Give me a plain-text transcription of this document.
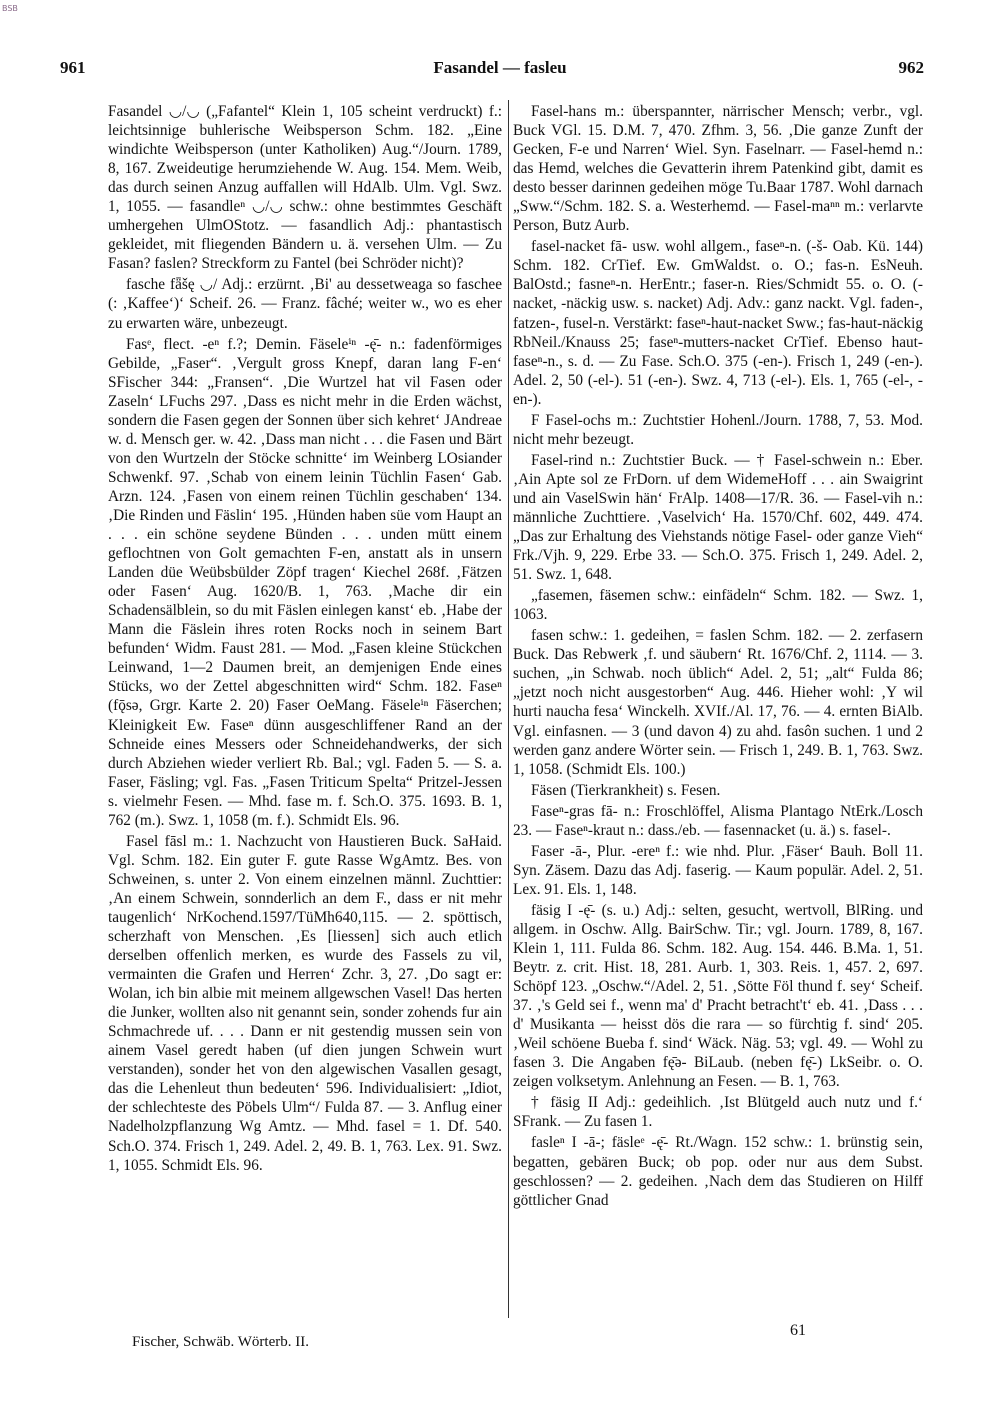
BSB
961	Fasandel — fasleu	962

Fasandel ◡/◡ („Fafantel“ Klein 1, 105 scheint verdruckt) f.: leichtsinnige buhlerische Weibsperson Schm. 182. „Eine windichte Weibsperson (unter Katholiken) Aug.“/Journ. 1789, 8, 167. Zweideutige herumziehende W. Aug. 154. Mem. Weib, das durch seinen Anzug auffallen will HdAlb. Ulm. Vgl. Swz. 1, 1055. — fasandleⁿ ◡/◡ schw.: ohne bestimmtes Geschäft umhergehen UlmOStotz. — fasandlich Adj.: phantastisch gekleidet, mit fliegenden Bändern u. ä. versehen Ulm. — Zu Fasan? faslen? Streckform zu Fantel (bei Schröder nicht)?

fasche fǟšę ◡/ Adj.: erzürnt. ‚Bi' au dessetweaga so faschee (: ‚Kaffee‘)‘ Scheif. 26. — Franz. fâché; weiter w., wo es eher zu erwarten wäre, unbezeugt.

Fasᵉ, flect. -eⁿ f.?; Demin. Fäseleⁱⁿ -ę̄- n.: fadenförmiges Gebilde, „Faser“. ‚Vergult gross Knepf, daran lang F-en‘ SFischer 344: „Fransen“. ‚Die Wurtzel hat vil Fasen oder Zaseln‘ LFuchs 297. ‚Dass es nicht mehr in die Erden wächst, sondern die Fasen gegen der Sonnen über sich kehret‘ JAndreae w. d. Mensch ger. w. 42. ‚Dass man nicht . . . die Fasen und Bärt von den Wurtzeln der Stöcke schnitte‘ im Weinberg LOsiander Schwenkf. 97. ‚Schab von einem leinin Tüchlin Fasen‘ Gab. Arzn. 124. ‚Fasen von einem reinen Tüchlin geschaben‘ 134. ‚Die Rinden und Fäslin‘ 195. ‚Hünden haben süe vom Haupt an . . . ein schöne seydene Bünden . . . unden mütt einem geflochtnen von Golt gemachten F-en, anstatt als in unsern Landen düe Weübsbülder Zöpf tragen‘ Kiechel 268f. ‚Fätzen oder Fasen‘ Aug. 1620/B. 1, 763. ‚Mache dir ein Schadensälblein, so du mit Fäslen einlegen kanst‘ eb. ‚Habe der Mann die Fäslein ihres roten Rocks noch in seinem Bart befunden‘ Widm. Faust 281. — Mod. „Fasen kleine Stückchen Leinwand, 1—2 Daumen breit, an demjenigen Ende eines Stücks, wo der Zettel abgeschnitten wird“ Schm. 182. Faseⁿ (fǭsə, Grgr. Karte 2. 20) Faser OeMang. Fäseleⁱⁿ Fäserchen; Kleinigkeit Ew. Faseⁿ dünn ausgeschliffener Rand an der Schneide eines Messers oder Schneidehandwerks, der sich durch Abziehen wieder verliert Rb. Bal.; vgl. Faden 5. — S. a. Faser, Fäsling; vgl. Fas. „Fasen Triticum Spelta“ Pritzel-Jessen s. vielmehr Fesen. — Mhd. fase m. f. Sch.O. 375. 1693. B. 1, 762 (m.). Swz. 1, 1058 (m. f.). Schmidt Els. 96.

Fasel fāsl m.: 1. Nachzucht von Haustieren Buck. SaHaid. Vgl. Schm. 182. Ein guter F. gute Rasse WgAmtz. Bes. von Schweinen, s. unter 2. Von einem einzelnen männl. Zuchttier: ‚An einem Schwein, sonnderlich an dem F., dass er nit mehr taugenlich‘ NrKochend.1597/TüMh640,115. — 2. spöttisch, scherzhaft von Menschen. ‚Es [liessen] sich auch etlich derselben offenlich merken, es wurde des Fassels zu vil, vermainten die Grafen und Herren‘ Zchr. 3, 27. ‚Do sagt er: Wolan, ich bin albie mit meinem allgewschen Vasel! Das herten die Junker, wollten also nit genannt sein, sonder zohends fur ain Schmachrede uf. . . . Dann er nit gestendig mussen sein von ainem Vasel geredt haben (uf dien jungen Schwein wurt verstanden), sonder het von den algewischen Vasallen gesagt, das die Lehenleut thun bedeuten‘ 596. Individualisiert: „Idiot, der schlechteste des Pöbels Ulm“/ Fulda 87. — 3. Anflug einer Nadelholzpflanzung Wg Amtz. — Mhd. fasel = 1. Df. 540. Sch.O. 374. Frisch 1, 249. Adel. 2, 49. B. 1, 763. Lex. 91. Swz. 1, 1055. Schmidt Els. 96.

Fasel-hans m.: überspannter, närrischer Mensch; verbr., vgl. Buck VGl. 15. D.M. 7, 470. Zfhm. 3, 56. ‚Die ganze Zunft der Gecken, F-e und Narren‘ Wiel. Syn. Faselnarr. — Fasel-hemd n.: das Hemd, welches die Gevatterin ihrem Patenkind gibt, damit es desto besser darinnen gedeihen möge Tu.Baar 1787. Wohl darnach „Sww.“/Schm. 182. S. a. Westerhemd. — Fasel-maⁿⁿ m.: verlarvte Person, Butz Aurb.

fasel-nacket fā- usw. wohl allgem., faseⁿ-n. (-š- Oab. Kü. 144) Schm. 182. CrTief. Ew. GmWaldst. o. O.; fas-n. EsNeuh. BalOstd.; fasneⁿ-n. HerEntr.; faser-n. Ries/Schmidt 55. o. O. (-nacket, -näckig usw. s. nacket) Adj. Adv.: ganz nackt. Vgl. faden-, fatzen-, fusel-n. Verstärkt: faseⁿ-haut-nacket Sww.; fas-haut-näckig RbNeil./Knauss 25; faseⁿ-mutters-nacket CrTief. Ebenso haut-faseⁿ-n., s. d. — Zu Fase. Sch.O. 375 (-en-). Frisch 1, 249 (-en-). Adel. 2, 50 (-el-). 51 (-en-). Swz. 4, 713 (-el-). Els. 1, 765 (-el-, -en-).

F Fasel-ochs m.: Zuchtstier Hohenl./Journ. 1788, 7, 53. Mod. nicht mehr bezeugt.

Fasel-rind n.: Zuchtstier Buck. — † Fasel-schwein n.: Eber. ‚Ain Apte sol ze FrDorn. uf dem WidemeHoff . . . ain Swaigrint und ain VaselSwin hän‘ FrAlp. 1408—17/R. 36. — Fasel-vih n.: männliche Zuchttiere. ‚Vaselvich‘ Ha. 1570/Chf. 602, 449. 474. „Das zur Erhaltung des Viehstands nötige Fasel- oder ganze Vieh“ Frk./Vjh. 9, 229. Erbe 33. — Sch.O. 375. Frisch 1, 249. Adel. 2, 51. Swz. 1, 648.

„fasemen, fäsemen schw.: einfädeln“ Schm. 182. — Swz. 1, 1063.

fasen schw.: 1. gedeihen, = faslen Schm. 182. — 2. zerfasern Buck. Das Rebwerk ‚f. und säubern‘ Rt. 1676/Chf. 2, 1114. — 3. suchen, „in Schwab. noch üblich“ Adel. 2, 51; „alt“ Fulda 86; „jetzt noch nicht ausgestorben“ Aug. 446. Hieher wohl: ‚Y wil hurti naucha fesa‘ Winckelh. XVIf./Al. 17, 76. — 4. ernten BiAlb. Vgl. einfasnen. — 3 (und davon 4) zu ahd. fasôn suchen. 1 und 2 werden ganz andere Wörter sein. — Frisch 1, 249. B. 1, 763. Swz. 1, 1058. (Schmidt Els. 100.)

Fäsen (Tierkrankheit) s. Fesen.

Faseⁿ-gras fā- n.: Froschlöffel, Alisma Plantago NtErk./Losch 23. — Faseⁿ-kraut n.: dass./eb. — fasennacket (u. ä.) s. fasel-.

Faser -ā-, Plur. -ereⁿ f.: wie nhd. Plur. ‚Fäser‘ Bauh. Boll 11. Syn. Zäsem. Dazu das Adj. faserig. — Kaum populär. Adel. 2, 51. Lex. 91. Els. 1, 148.

fäsig I -ę̄- (s. u.) Adj.: selten, gesucht, wertvoll, BlRing. und allgem. in Oschw. Allg. BairSchw. Tir.; vgl. Journ. 1789, 8, 167. Klein 1, 111. Fulda 86. Schm. 182. Aug. 154. 446. B.Ma. 1, 51. Beytr. z. crit. Hist. 18, 281. Aurb. 1, 303. Reis. 1, 457. 2, 697. Schöpf 123. „Oschw.“/Adel. 2, 51. ‚Sötte Föl thund f. sey‘ Scheif. 37. ‚'s Geld sei f., wenn ma' d' Pracht betracht't‘ eb. 41. ‚Dass . . . d' Musikanta — heisst dös die rara — so fürchtig f. sind‘ 205. ‚Weil schöene Bueba f. sind‘ Wäck. Näg. 53; vgl. 49. — Wohl zu fasen 3. Die Angaben fę̄ə- BiLaub. (neben fę̄-) LkSeibr. o. O. zeigen volksetym. Anlehnung an Fesen. — B. 1, 763.

† fäsig II Adj.: gedeihlich. ‚Ist Blütgeld auch nutz und f.‘ SFrank. — Zu fasen 1.

fasleⁿ I -ā-; fäsleᵉ -ę̄- Rt./Wagn. 152 schw.: 1. brünstig sein, begatten, gebären Buck; ob pop. oder nur aus dem Subst. geschlossen? — 2. gedeihen. ‚Nach dem das Studieren on Hilff göttlicher Gnad

Fischer, Schwäb. Wörterb. II.
61
